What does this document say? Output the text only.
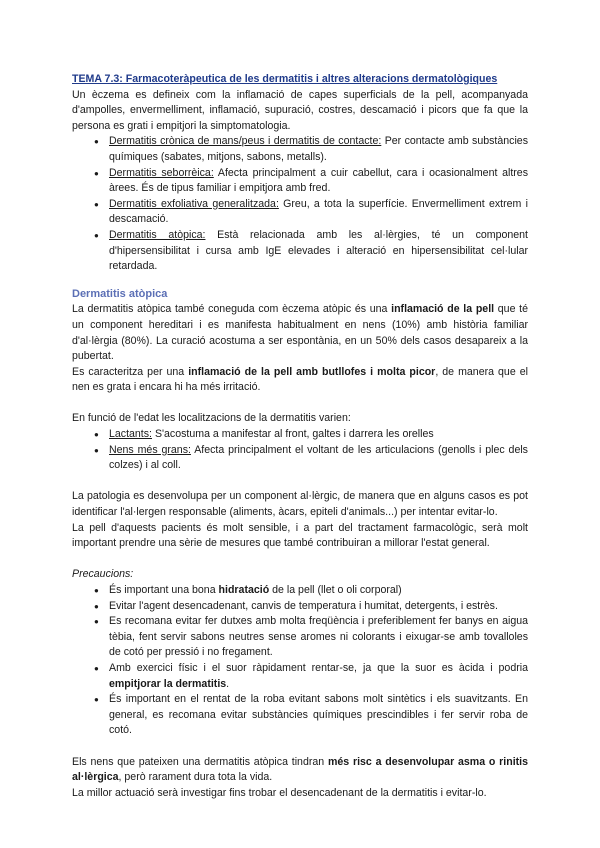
TEMA 7.3: Farmacoteràpeutica de les dermatitis i altres alteracions dermatològiques

Un èczema es defineix com la inflamació de capes superficials de la pell, acompanyada d'ampolles, envermelliment, inflamació, supuració, costres, descamació i picors que fa que la persona es grati i empitjori la simptomatologia.

● Dermatitis crònica de mans/peus i dermatitis de contacte: Per contacte amb substàncies químiques (sabates, mitjons, sabons, metalls).
● Dermatitis seborrèica: Afecta principalment a cuir cabellut, cara i ocasionalment altres àrees. És de tipus familiar i empitjora amb fred.
● Dermatitis exfoliativa generalitzada: Greu, a tota la superfície. Envermelliment extrem i descamació.
● Dermatitis atòpica: Està relacionada amb les al·lèrgies, té un component d'hipersensibilitat i cursa amb IgE elevades i alteració en hipersensibilitat cel·lular retardada.

Dermatitis atòpica

La dermatitis atòpica també coneguda com èczema atòpic és una inflamació de la pell que té un component hereditari i es manifesta habitualment en nens (10%) amb història familiar d'al·lèrgia (80%). La curació acostuma a ser espontània, en un 50% dels casos desapareix a la pubertat.

Es caracteritza per una inflamació de la pell amb butllofes i molta picor, de manera que el nen es grata i encara hi ha més irritació.

En funció de l'edat les localitzacions de la dermatitis varien:

● Lactants: S'acostuma a manifestar al front, galtes i darrera les orelles
● Nens més grans: Afecta principalment el voltant de les articulacions (genolls i plec dels colzes) i al coll.

La patologia es desenvolupa per un component al·lèrgic, de manera que en alguns casos es pot identificar l'al·lergen responsable (aliments, àcars, epiteli d'animals...) per intentar evitar-lo.

La pell d'aquests pacients és molt sensible, i a part del tractament farmacològic, serà molt important prendre una sèrie de mesures que també contribuiran a millorar l'estat general.

Precaucions:

● És important una bona hidratació de la pell (llet o oli corporal)
● Evitar l'agent desencadenant, canvis de temperatura i humitat, detergents, i estrès.
● Es recomana evitar fer dutxes amb molta freqüència i preferiblement fer banys en aigua tèbia, fent servir sabons neutres sense aromes ni colorants i eixugar-se amb tovalloles de cotó per pressió i no fregament.
● Amb exercici físic i el suor ràpidament rentar-se, ja que la suor es àcida i podria empitjorar la dermatitis.
● És important en el rentat de la roba evitant sabons molt sintètics i els suavitzants. En general, es recomana evitar substàncies químiques prescindibles i fer servir roba de cotó.

Els nens que pateixen una dermatitis atòpica tindran més risc a desenvolupar asma o rinitis al·lèrgica, però rarament dura tota la vida.

La millor actuació serà investigar fins trobar el desencadenant de la dermatitis i evitar-lo.
